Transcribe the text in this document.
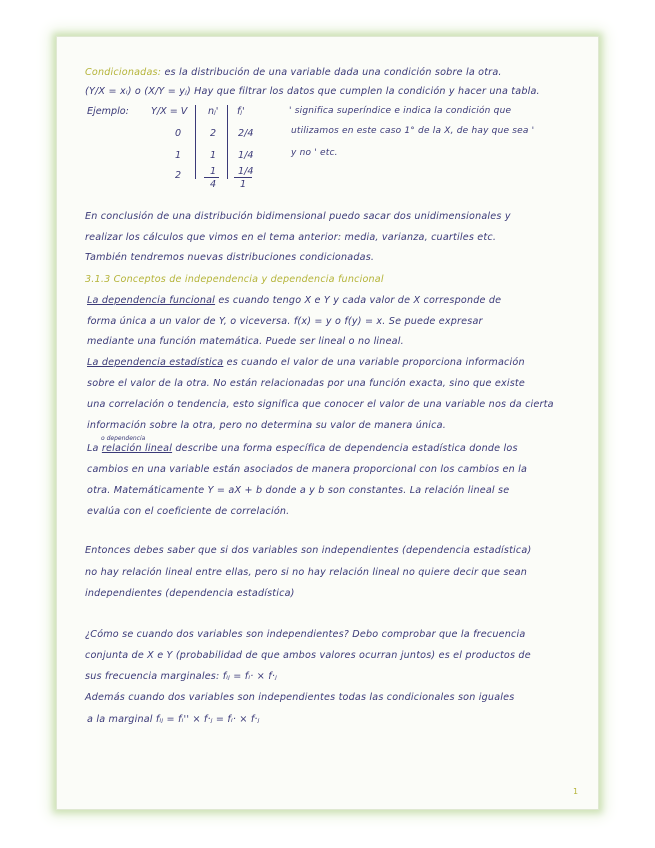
Condicionadas: es la distribución de una variable dada una condición sobre la otra.
(Y/X = xᵢ) o (X/Y = yⱼ) Hay que filtrar los datos que cumplen la condición y hacer una tabla.
Ejemplo: Y/X = V nⱼ' fⱼ'
0	2 2/4
1	1 1/4
2	1 1/4
4 1
' significa superíndice e indica la condición que
utilizamos en este caso 1° de la X, de hay que sea '
y no ' etc.
En conclusión de una distribución bidimensional puedo sacar dos unidimensionales y
realizar los cálculos que vimos en el tema anterior: media, varianza, cuartiles etc.
También tendremos nuevas distribuciones condicionadas.
3.1.3 Conceptos de independencia y dependencia funcional
La dependencia funcional es cuando tengo X e Y y cada valor de X corresponde de
forma única a un valor de Y, o viceversa. f(x) = y o f(y) = x. Se puede expresar
mediante una función matemática. Puede ser lineal o no lineal.
La dependencia estadística es cuando el valor de una variable proporciona información
sobre el valor de la otra. No están relacionadas por una función exacta, sino que existe
una correlación o tendencia, esto significa que conocer el valor de una variable nos da cierta
información sobre la otra, pero no determina su valor de manera única.
o dependencia
La relación lineal describe una forma específica de dependencia estadística donde los
cambios en una variable están asociados de manera proporcional con los cambios en la
otra. Matemáticamente Y = aX + b donde a y b son constantes. La relación lineal se
evalúa con el coeficiente de correlación.
Entonces debes saber que si dos variables son independientes (dependencia estadística)
no hay relación lineal entre ellas, pero si no hay relación lineal no quiere decir que sean
independientes (dependencia estadística)
¿Cómo se cuando dos variables son independientes? Debo comprobar que la frecuencia
conjunta de X e Y (probabilidad de que ambos valores ocurran juntos) es el productos de
sus frecuencia marginales: fᵢⱼ = fᵢ· × f·ⱼ
Además cuando dos variables son independientes todas las condicionales son iguales
a la marginal fᵢⱼ = fᵢ'' × f·ⱼ = fᵢ· × f·ⱼ
1
